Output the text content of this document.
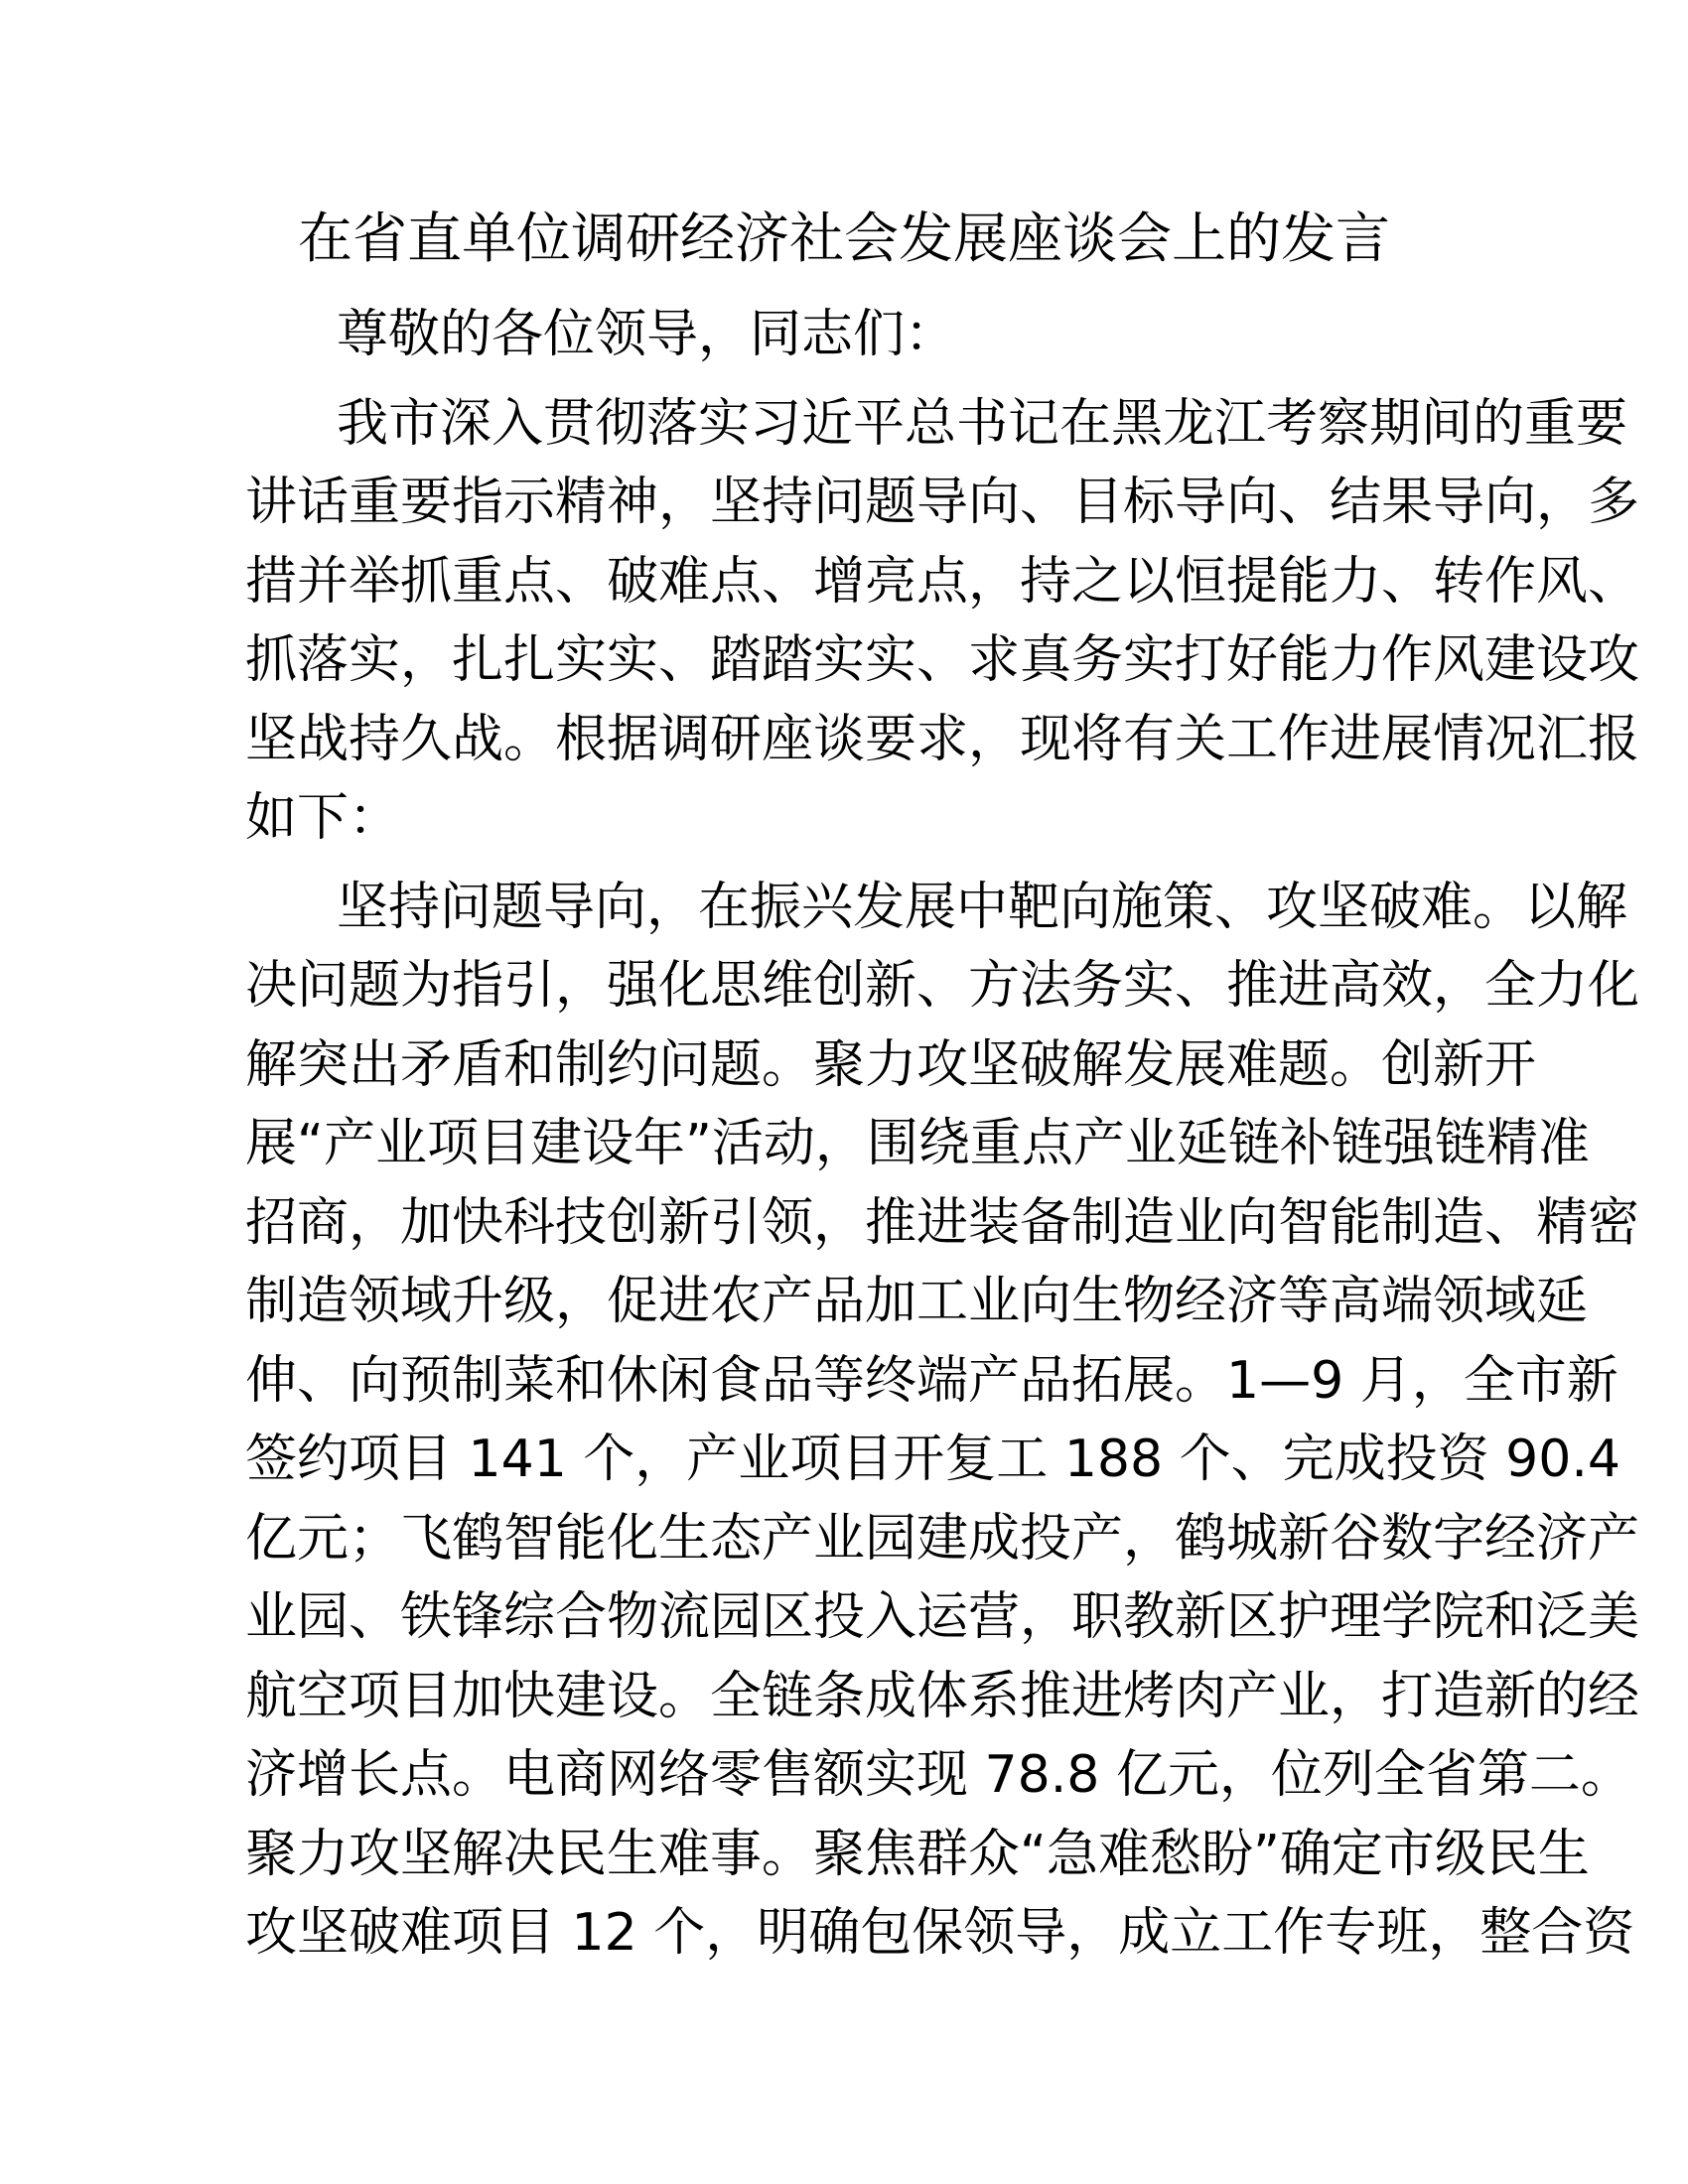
在省直单位调研经济社会发展座谈会上的发言
尊敬的各位领导，同志们：
我市深入贯彻落实习近平总书记在黑龙江考察期间的重要
讲话重要指示精神，坚持问题导向、目标导向、结果导向，多
措并举抓重点、破难点、增亮点，持之以恒提能力、转作风、
抓落实，扎扎实实、踏踏实实、求真务实打好能力作风建设攻
坚战持久战。根据调研座谈要求，现将有关工作进展情况汇报
如下：
坚持问题导向，在振兴发展中靶向施策、攻坚破难。以解
决问题为指引，强化思维创新、方法务实、推进高效，全力化
解突出矛盾和制约问题。聚力攻坚破解发展难题。创新开
展“产业项目建设年”活动，围绕重点产业延链补链强链精准
招商，加快科技创新引领，推进装备制造业向智能制造、精密
制造领域升级，促进农产品加工业向生物经济等高端领域延
伸、向预制菜和休闲食品等终端产品拓展。1—9 月，全市新
签约项目 141 个，产业项目开复工 188 个、完成投资 90.4
亿元；飞鹤智能化生态产业园建成投产，鹤城新谷数字经济产
业园、铁锋综合物流园区投入运营，职教新区护理学院和泛美
航空项目加快建设。全链条成体系推进烤肉产业，打造新的经
济增长点。电商网络零售额实现 78.8 亿元，位列全省第二。
聚力攻坚解决民生难事。聚焦群众“急难愁盼”确定市级民生
攻坚破难项目 12 个，明确包保领导，成立工作专班，整合资
